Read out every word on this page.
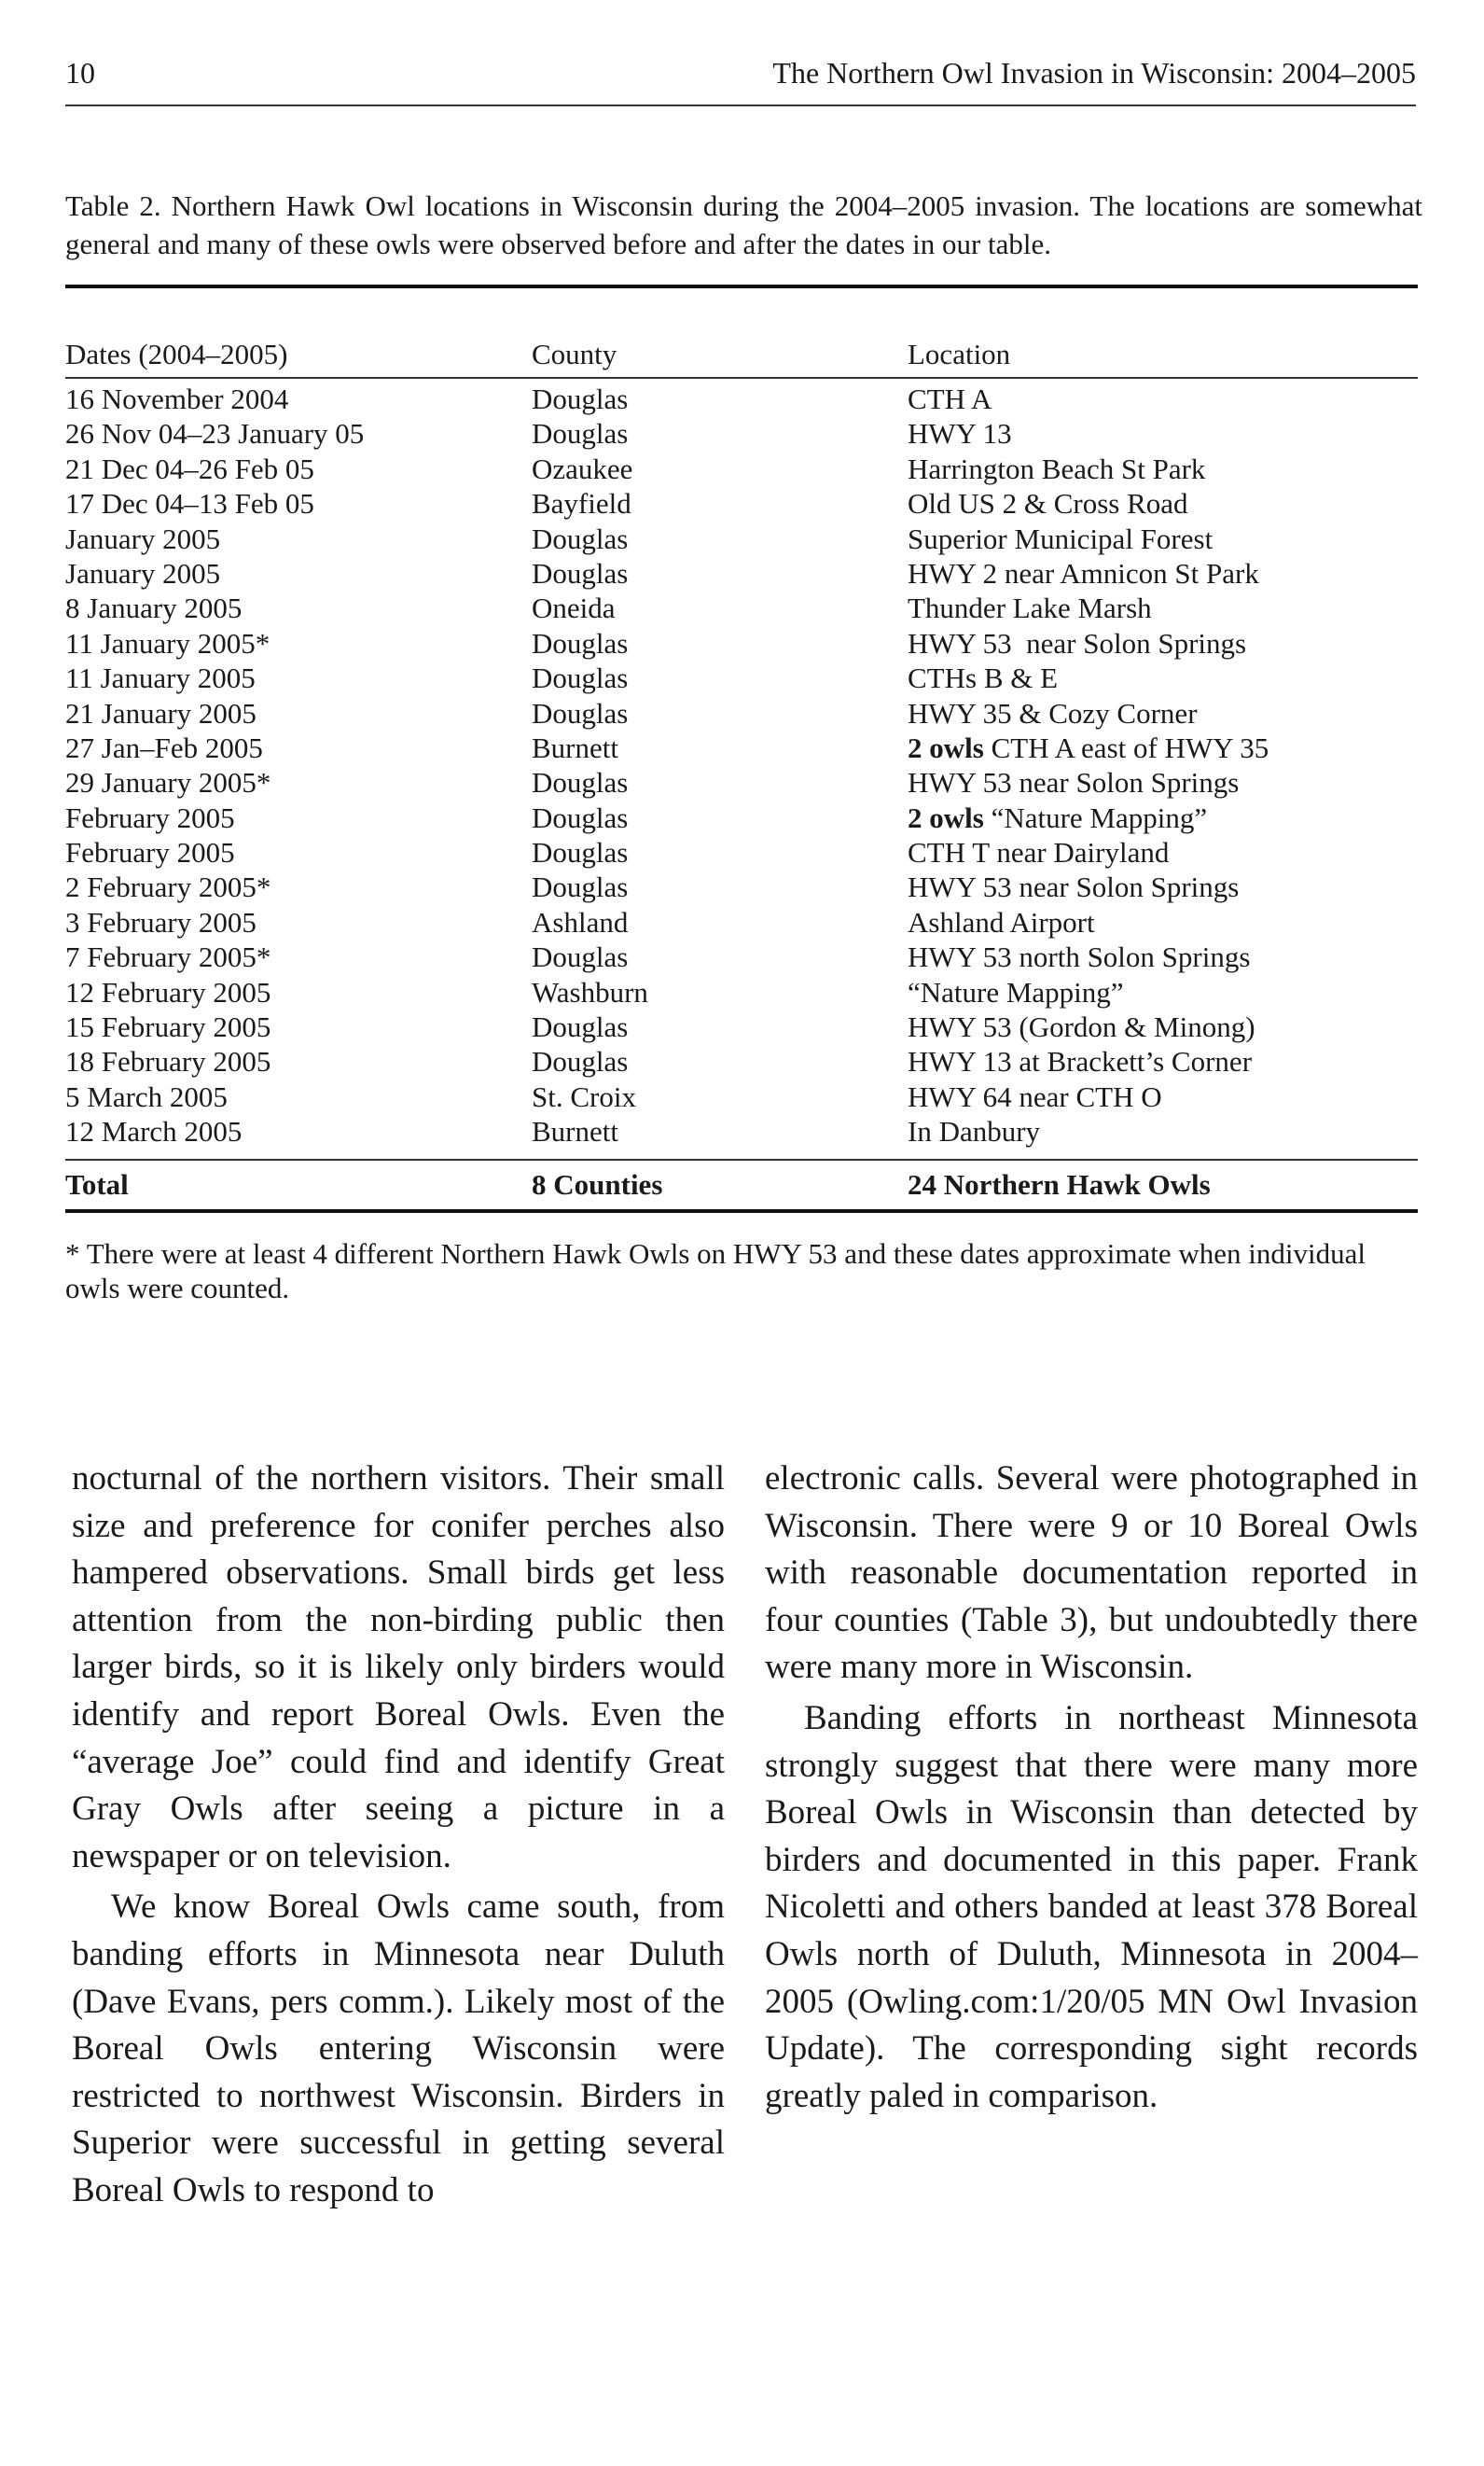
10	The Northern Owl Invasion in Wisconsin: 2004–2005
Table 2. Northern Hawk Owl locations in Wisconsin during the 2004–2005 invasion. The locations are somewhat general and many of these owls were observed before and after the dates in our table.
Dates (2004–2005)	County	Location
16 November 2004	Douglas	CTH A
26 Nov 04–23 January 05	Douglas	HWY 13
21 Dec 04–26 Feb 05	Ozaukee	Harrington Beach St Park
17 Dec 04–13 Feb 05	Bayfield	Old US 2 & Cross Road
January 2005	Douglas	Superior Municipal Forest
January 2005	Douglas	HWY 2 near Amnicon St Park
8 January 2005	Oneida	Thunder Lake Marsh
11 January 2005*	Douglas	HWY 53  near Solon Springs
11 January 2005	Douglas	CTHs B & E
21 January 2005	Douglas	HWY 35 & Cozy Corner
27 Jan–Feb 2005	Burnett	2 owls CTH A east of HWY 35
29 January 2005*	Douglas	HWY 53 near Solon Springs
February 2005	Douglas	2 owls “Nature Mapping”
February 2005	Douglas	CTH T near Dairyland
2 February 2005*	Douglas	HWY 53 near Solon Springs
3 February 2005	Ashland	Ashland Airport
7 February 2005*	Douglas	HWY 53 north Solon Springs
12 February 2005	Washburn	“Nature Mapping”
15 February 2005	Douglas	HWY 53 (Gordon & Minong)
18 February 2005	Douglas	HWY 13 at Brackett’s Corner
5 March 2005	St. Croix	HWY 64 near CTH O
12 March 2005	Burnett	In Danbury
Total	8 Counties	24 Northern Hawk Owls
* There were at least 4 different Northern Hawk Owls on HWY 53 and these dates approximate when individual owls were counted.

nocturnal of the northern visitors. Their small size and preference for conifer perches also hampered observations. Small birds get less attention from the non-birding public then larger birds, so it is likely only birders would identify and report Boreal Owls. Even the “average Joe” could find and identify Great Gray Owls after seeing a picture in a newspaper or on television.

We know Boreal Owls came south, from banding efforts in Minnesota near Duluth (Dave Evans, pers comm.). Likely most of the Boreal Owls entering Wisconsin were restricted to northwest Wisconsin. Birders in Superior were successful in getting several Boreal Owls to respond to

electronic calls. Several were photographed in Wisconsin. There were 9 or 10 Boreal Owls with reasonable documentation reported in four counties (Table 3), but undoubtedly there were many more in Wisconsin.

Banding efforts in northeast Minnesota strongly suggest that there were many more Boreal Owls in Wisconsin than detected by birders and documented in this paper. Frank Nicoletti and others banded at least 378 Boreal Owls north of Duluth, Minnesota in 2004–2005 (Owling.com:1/20/05 MN Owl Invasion Update). The corresponding sight records greatly paled in comparison.
